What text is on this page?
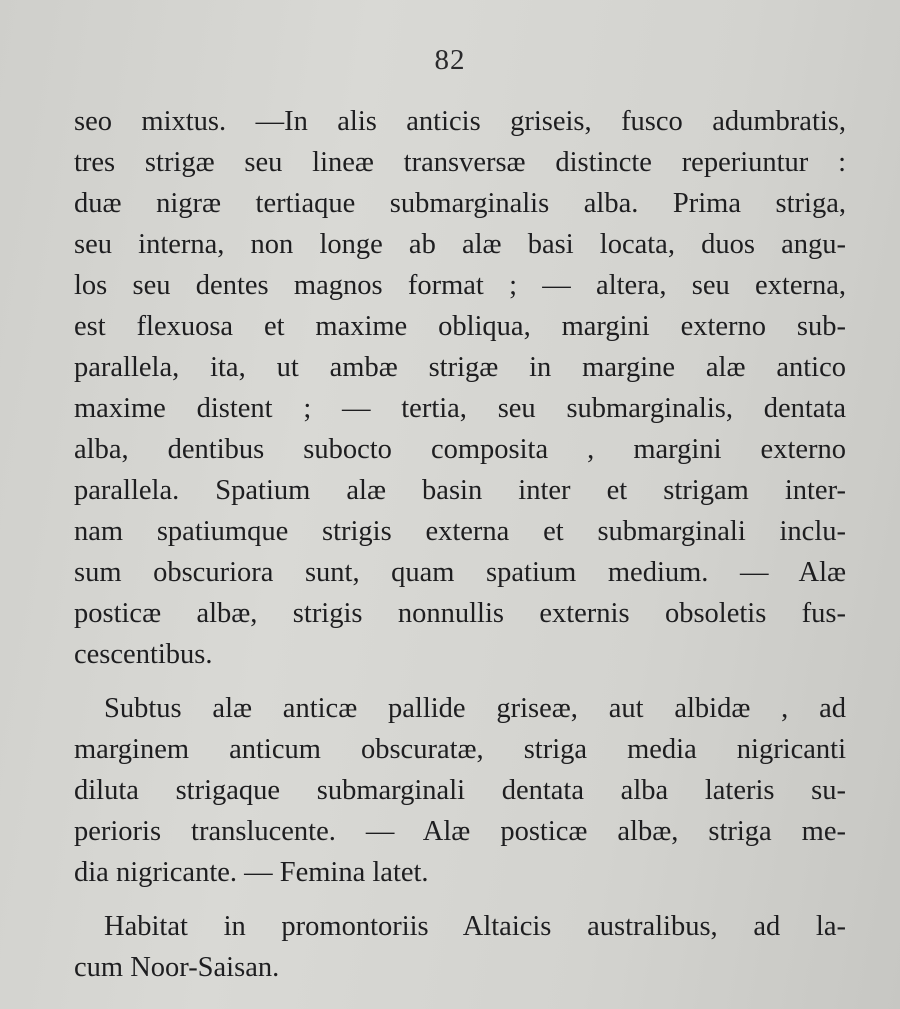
82
seo mixtus. —In alis anticis griseis, fusco adumbratis,
tres strigæ seu lineæ transversæ distincte reperiuntur :
duæ nigræ tertiaque submarginalis alba. Prima striga,
seu interna, non longe ab alæ basi locata, duos angu-
los seu dentes magnos format ; — altera, seu externa,
est flexuosa et maxime obliqua, margini externo sub-
parallela, ita, ut ambæ strigæ in margine alæ antico
maxime distent ; — tertia, seu submarginalis, dentata
alba, dentibus subocto composita , margini externo
parallela. Spatium alæ basin inter et strigam inter-
nam spatiumque strigis externa et submarginali inclu-
sum obscuriora sunt, quam spatium medium. — Alæ
posticæ albæ, strigis nonnullis externis obsoletis fus-
cescentibus.
Subtus alæ anticæ pallide griseæ, aut albidæ , ad
marginem anticum obscuratæ, striga media nigricanti
diluta strigaque submarginali dentata alba lateris su-
perioris translucente. — Alæ posticæ albæ, striga me-
dia nigricante. — Femina latet.
Habitat in promontoriis Altaicis australibus, ad la-
cum Noor-Saisan.
